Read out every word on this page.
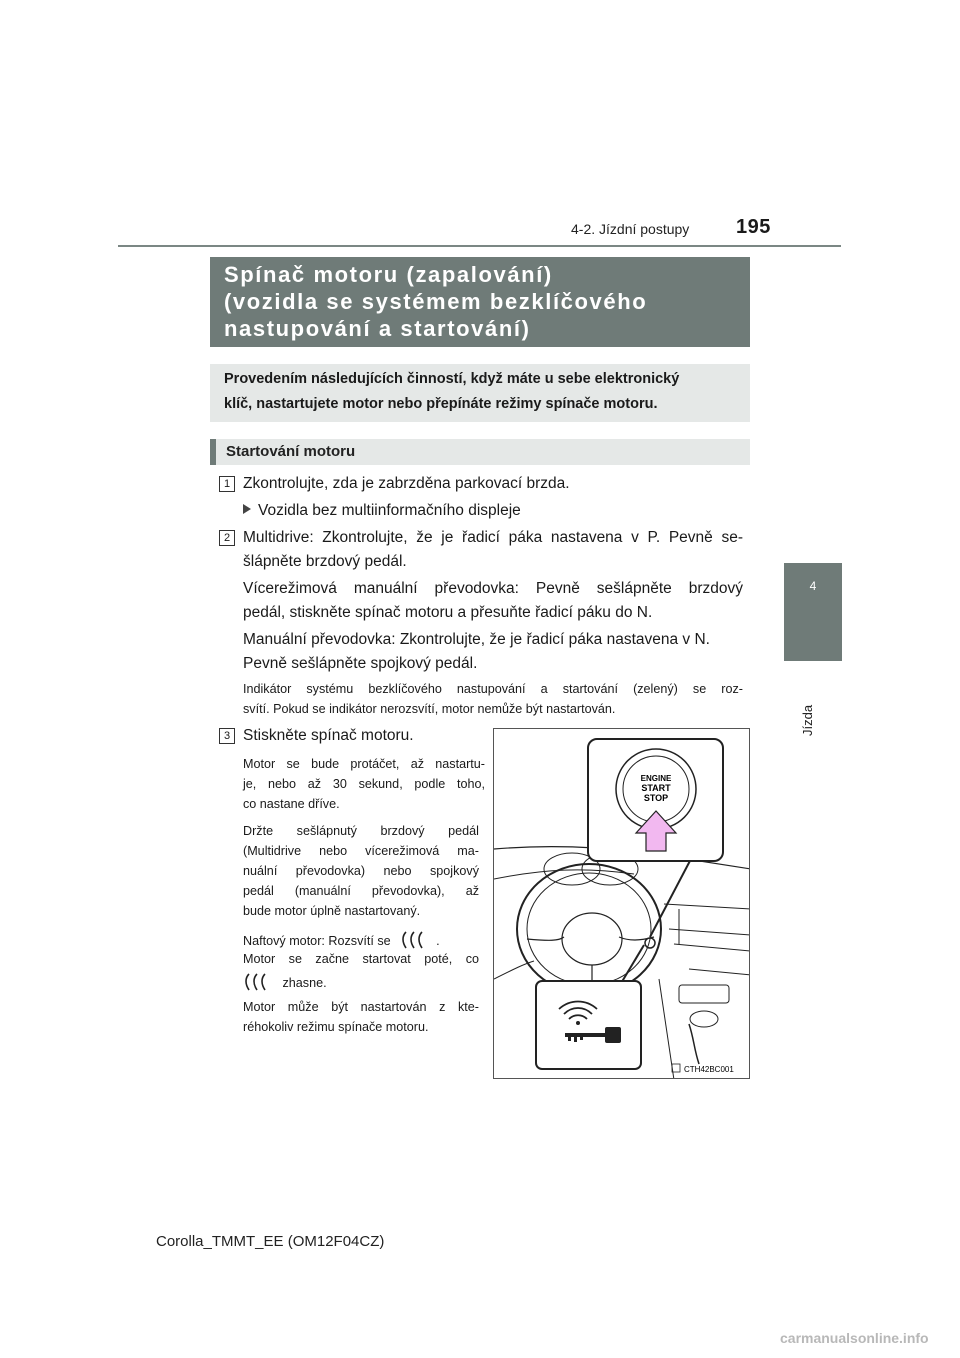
195
4-2. Jízdní postupy
4
Jízda
Spínač motoru (zapalování)
(vozidla se systémem bezklíčového
nastupování a startování)
Provedením následujících činností, když máte u sebe elektronický
klíč, nastartujete motor nebo přepínáte režimy spínače motoru.
Startování motoru
1 Zkontrolujte, zda je zabrzděna parkovací brzda.
Vozidla bez multiinformačního displeje
2 Multidrive: Zkontrolujte, že je řadicí páka nastavena v P. Pevně se-
šlápněte brzdový pedál.
Vícerežimová manuální převodovka: Pevně sešlápněte brzdový
pedál, stiskněte spínač motoru a přesuňte řadicí páku do N.
Manuální převodovka: Zkontrolujte, že je řadicí páka nastavena v N.
Pevně sešlápněte spojkový pedál.
Indikátor systému bezklíčového nastupování a startování (zelený) se roz-
svítí. Pokud se indikátor nerozsvítí, motor nemůže být nastartován.
3 Stiskněte spínač motoru.
Motor se bude protáčet, až nastartu-
je, nebo až 30 sekund, podle toho,
co nastane dříve.
Držte sešlápnutý brzdový pedál
(Multidrive nebo vícerežimová ma-
nuální převodovka) nebo spojkový
pedál (manuální převodovka), až
bude motor úplně nastartovaný.
Naftový motor: Rozsvítí se	.
Motor se začne startovat poté, co
zhasne.
Motor může být nastartován z kte-
réhokoliv režimu spínače motoru.
ENGINE
START
STOP
CTH42BC001
Corolla_TMMT_EE (OM12F04CZ)
carmanualsonline.info
